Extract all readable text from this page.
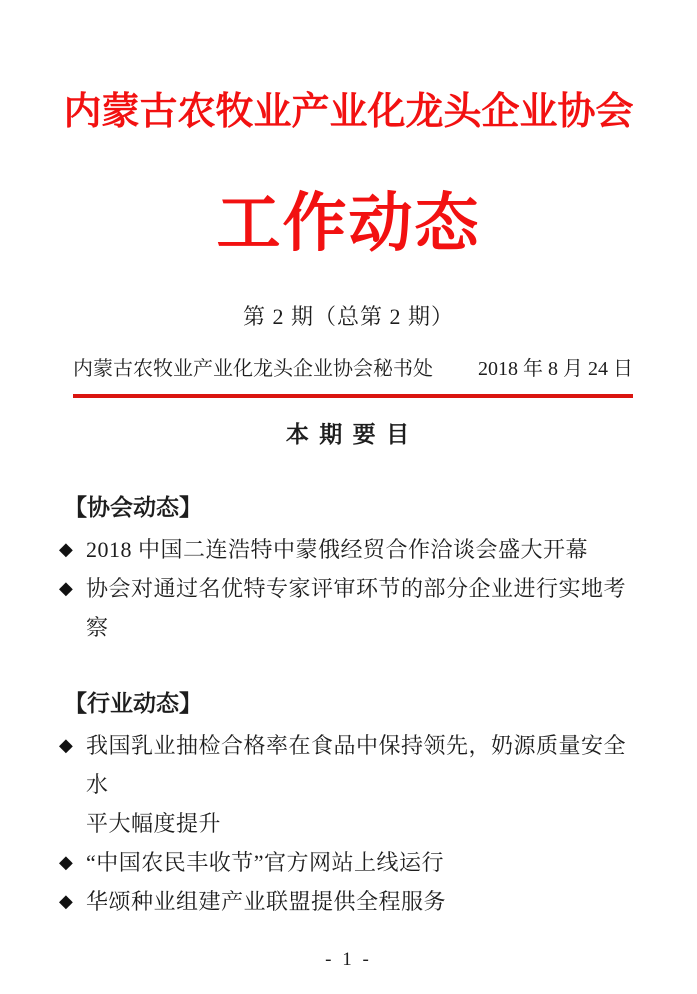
内蒙古农牧业产业化龙头企业协会
工作动态
第 2 期（总第 2 期）
内蒙古农牧业产业化龙头企业协会秘书处 2018 年 8 月 24 日
本 期 要 目
【协会动态】
◆ 2018 中国二连浩特中蒙俄经贸合作洽谈会盛大开幕
◆ 协会对通过名优特专家评审环节的部分企业进行实地考
察
【行业动态】
◆ 我国乳业抽检合格率在食品中保持领先，奶源质量安全水
平大幅度提升
◆ “中国农民丰收节”官方网站上线运行
◆ 华颂种业组建产业联盟提供全程服务
- 1 -
